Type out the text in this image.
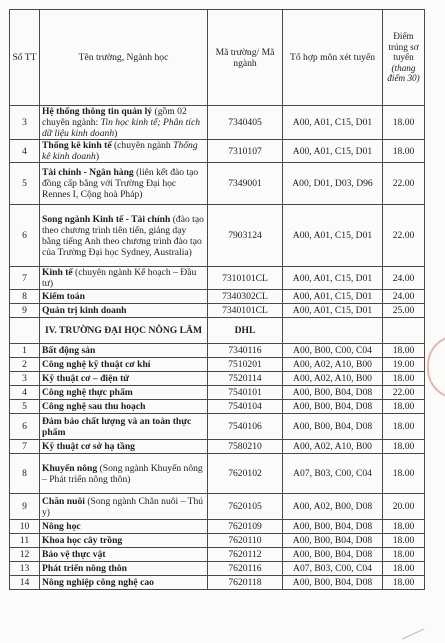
Số TT	Tên trường, Ngành học	Mã trường/ Mã ngành	Tổ hợp môn xét tuyển	Điểm trúng sơ tuyển
(thang điểm 30)
3	Hệ thống thông tin quản lý (gồm 02 chuyên ngành: Tin học kinh tế; Phân tích dữ liệu kinh doanh)	7340405	A00, A01, C15, D01	18.00
4	Thống kê kinh tế (chuyên ngành Thống kê kinh doanh)	7310107	A00, A01, C15, D01	18.00
5	Tài chính - Ngân hàng (liên kết đào tạo đồng cấp bằng với Trường Đại học Rennes I, Cộng hoà Pháp)	7349001	A00, D01, D03, D96	22.00
6	Song ngành Kinh tế - Tài chính (đào tạo theo chương trình tiên tiến, giảng dạy bằng tiếng Anh theo chương trình đào tạo của Trường Đại học Sydney, Australia)	7903124	A00, A01, C15, D01	22.00
7	Kinh tế (chuyên ngành Kế hoạch – Đầu tư)	7310101CL	A00, A01, C15, D01	24.00
8	Kiểm toán	7340302CL	A00, A01, C15, D01	24.00
9	Quản trị kinh doanh	7340101CL	A00, A01, C15, D01	25.00
	IV. TRƯỜNG ĐẠI HỌC NÔNG LÂM	DHL		
1	Bất động sản	7340116	A00, B00, C00, C04	18.00
2	Công nghệ kỹ thuật cơ khí	7510201	A00, A02, A10, B00	19.00
3	Kỹ thuật cơ – điện tử	7520114	A00, A02, A10, B00	18.00
4	Công nghệ thực phẩm	7540101	A00, B00, B04, D08	22.00
5	Công nghệ sau thu hoạch	7540104	A00, B00, B04, D08	18.00
6	Đảm bảo chất lượng và an toàn thực phẩm	7540106	A00, B00, B04, D08	18.00
7	Kỹ thuật cơ sở hạ tầng	7580210	A00, A02, A10, B00	18.00
8	Khuyến nông (Song ngành Khuyến nông – Phát triển nông thôn)	7620102	A07, B03, C00, C04	18.00
9	Chăn nuôi (Song ngành Chăn nuôi – Thú y)	7620105	A00, A02, B00, D08	20.00
10	Nông học	7620109	A00, B00, B04, D08	18.00
11	Khoa học cây trồng	7620110	A00, B00, B04, D08	18.00
12	Bảo vệ thực vật	7620112	A00, B00, B04, D08	18.00
13	Phát triển nông thôn	7620116	A07, B03, C00, C04	18.00
14	Nông nghiệp công nghệ cao	7620118	A00, B00, B04, D08	18.00
